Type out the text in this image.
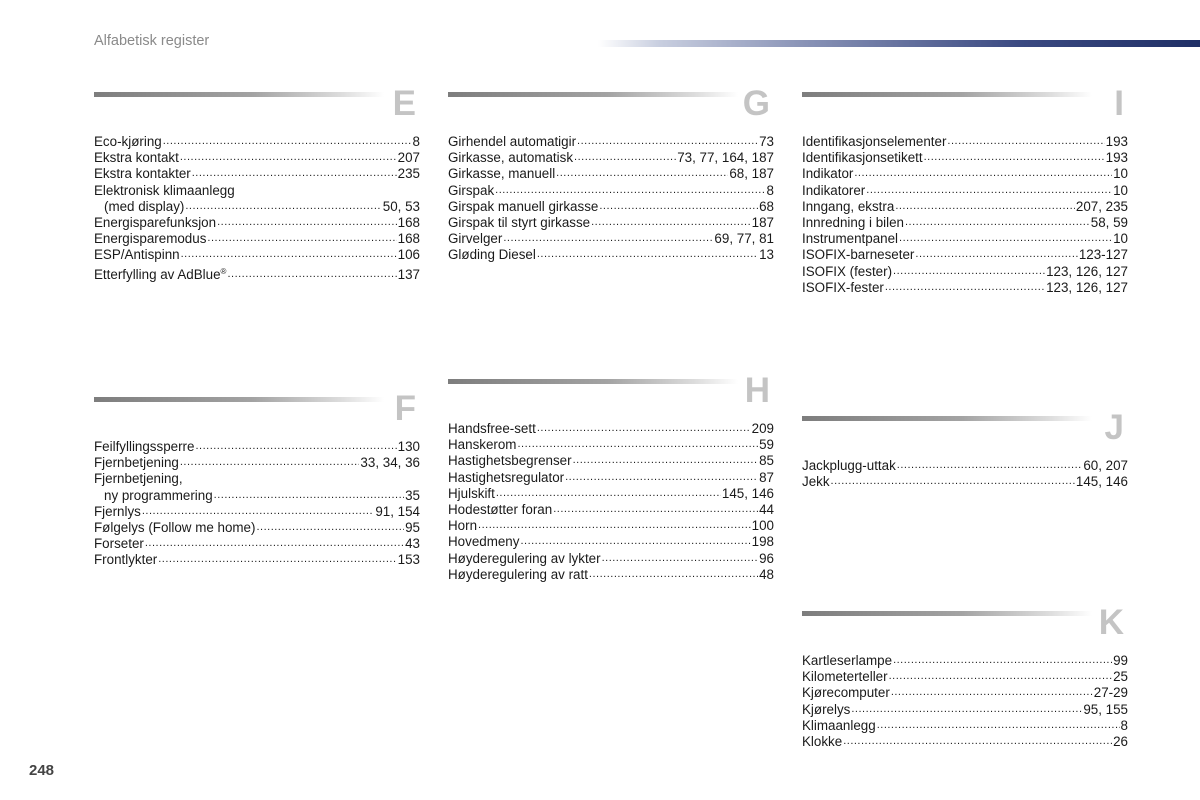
Alfabetisk register
E
Eco-kjøring .....	8
Ekstra kontakt .....	207
Ekstra kontakter .....	235
Elektronisk klimaanlegg
(med display) .....	50, 53
Energisparefunksjon .....	168
Energisparemodus .....	168
ESP/Antispinn .....	106
Etterfylling av AdBlue® .....	137
F
Feilfyllingssperre .....	130
Fjernbetjening .....	33, 34, 36
Fjernbetjening,
ny programmering .....	35
Fjernlys .....	91, 154
Følgelys (Follow me home) .....	95
Forseter .....	43
Frontlykter .....	153
G
Girhendel automatigir .....	73
Girkasse, automatisk .....	73, 77, 164, 187
Girkasse, manuell .....	68, 187
Girspak .....	8
Girspak manuell girkasse .....	68
Girspak til styrt girkasse .....	187
Girvelger .....	69, 77, 81
Gløding Diesel .....	13
H
Handsfree-sett .....	209
Hanskerom .....	59
Hastighetsbegrenser .....	85
Hastighetsregulator .....	87
Hjulskift .....	145, 146
Hodestøtter foran .....	44
Horn .....	100
Hovedmeny .....	198
Høyderegulering av lykter .....	96
Høyderegulering av ratt .....	48
I
Identifikasjonselementer .....	193
Identifikasjonsetikett .....	193
Indikator .....	10
Indikatorer .....	10
Inngang, ekstra .....	207, 235
Innredning i bilen .....	58, 59
Instrumentpanel .....	10
ISOFIX-barneseter .....	123-127
ISOFIX (fester) .....	123, 126, 127
ISOFIX-fester .....	123, 126, 127
J
Jackplugg-uttak .....	60, 207
Jekk .....	145, 146
K
Kartleserlampe .....	99
Kilometerteller .....	25
Kjørecomputer .....	27-29
Kjørelys .....	95, 155
Klimaanlegg .....	8
Klokke .....	26
248
